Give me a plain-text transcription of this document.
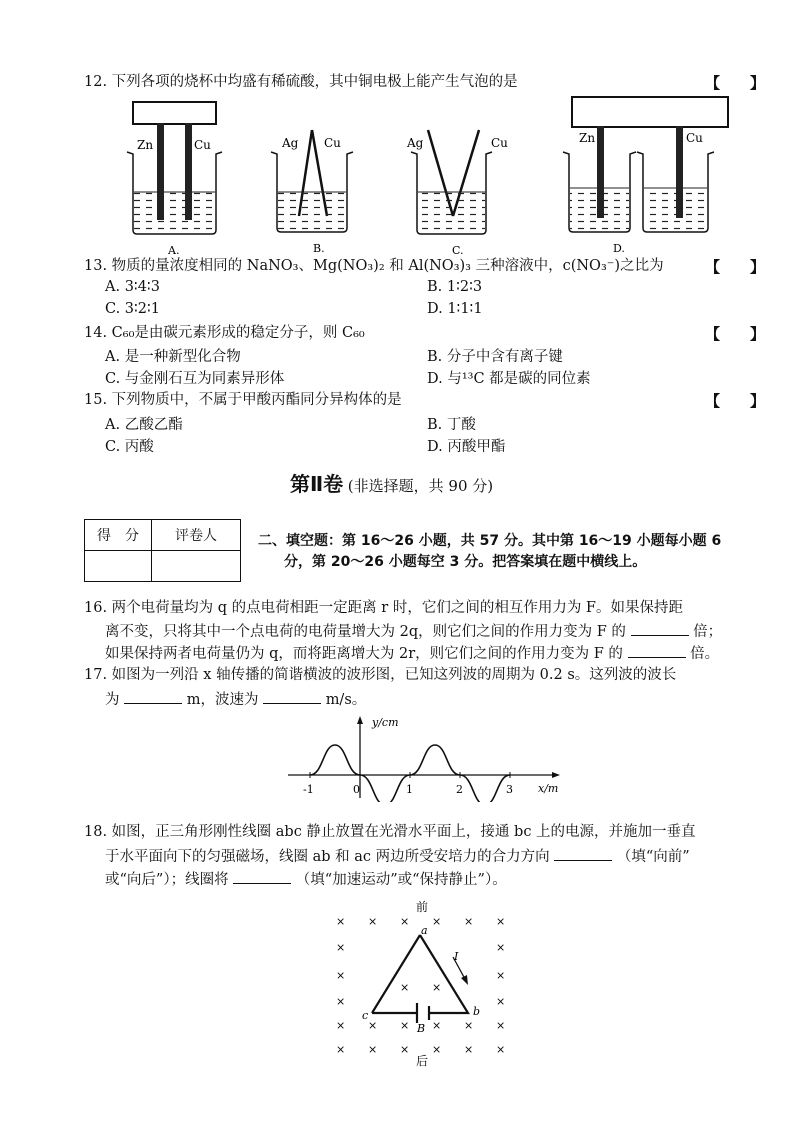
12. 下列各项的烧杯中均盛有稀硫酸，其中铜电极上能产生气泡的是	【　　】
Zn	Cu
A.
Ag Cu
B.
Ag	Cu
C.
Zn	Cu
D.
13. 物质的量浓度相同的 NaNO₃、Mg(NO₃)₂ 和 Al(NO₃)₃ 三种溶液中，c(NO₃⁻)之比为	【　　】
A. 3∶4∶3	B. 1∶2∶3
C. 3∶2∶1	D. 1∶1∶1
14. C₆₀是由碳元素形成的稳定分子，则 C₆₀	【　　】
A. 是一种新型化合物	B. 分子中含有离子键
C. 与金刚石互为同素异形体	D. 与¹³C 都是碳的同位素
15. 下列物质中，不属于甲酸丙酯同分异构体的是	【　　】
A. 乙酸乙酯	B. 丁酸
C. 丙酸	D. 丙酸甲酯
第Ⅱ卷 (非选择题，共 90 分)
得　分	评卷人
		二、填空题：第 16～26 小题，共 57 分。其中第 16～19 小题每小题 6
分，第 20～26 小题每空 3 分。把答案填在题中横线上。
16. 两个电荷量均为 q 的点电荷相距一定距离 r 时，它们之间的相互作用力为 F。如果保持距
离不变，只将其中一个点电荷的电荷量增大为 2q，则它们之间的作用力变为 F 的	倍；
如果保持两者电荷量仍为 q，而将距离增大为 2r，则它们之间的作用力变为 F 的	倍。
17. 如图为一列沿 x 轴传播的简谐横波的波形图，已知这列波的周期为 0.2 s。这列波的波长
为	m，波速为	m/s。
y/cm
x/m
-1	0	1	2	3
18. 如图，正三角形刚性线圈 abc 静止放置在光滑水平面上，接通 bc 上的电源，并施加一垂直
于水平面向下的匀强磁场，线圈 ab 和 ac 两边所受安培力的合力方向	（填“向前”
或“向后”）；线圈将	（填“加速运动”或“保持静止”）。
前
后
× × × × × ×
×	×
×	×
×	×
× × × × × ×
× × × × × ×
× ×
I
a
b
c
B
